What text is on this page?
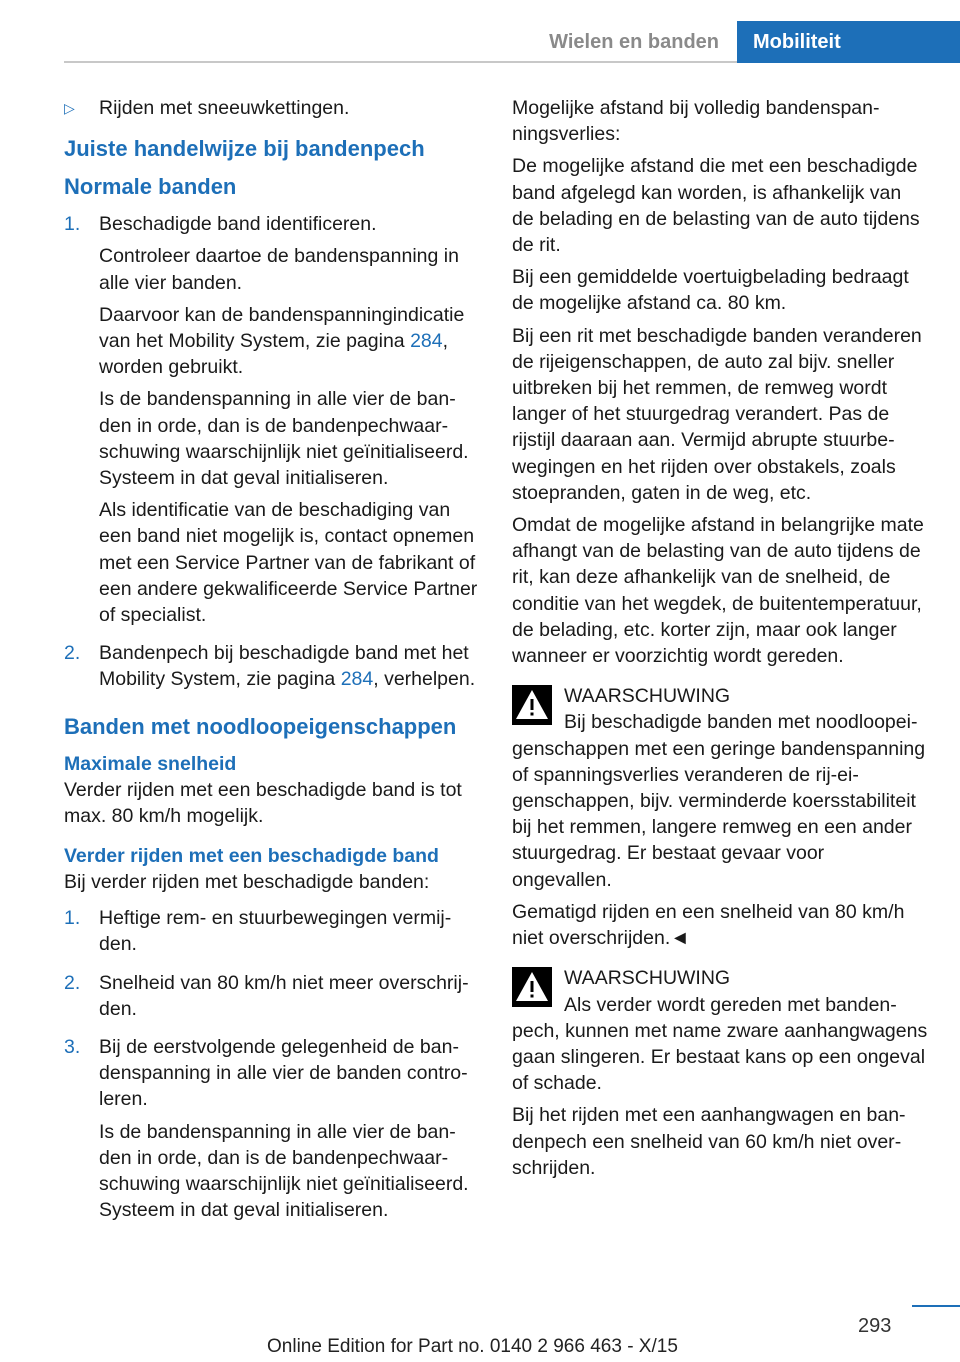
Wielen en banden	Mobiliteit
▷	Rijden met sneeuwkettingen.
Juiste handelwijze bij bandenpech
Normale banden
1. Beschadigde band identificeren.

Controleer daartoe de bandenspanning in alle vier banden.

Daarvoor kan de bandenspanningindicatie van het Mobility System, zie pagina 284, worden gebruikt.

Is de bandenspanning in alle vier de banden in orde, dan is de bandenpechwaarschuwing waarschijnlijk niet geïnitialiseerd. Systeem in dat geval initialiseren.

Als identificatie van de beschadiging van een band niet mogelijk is, contact opnemen met een Service Partner van de fabrikant of een andere gekwalificeerde Service Partner of specialist.

2. Bandenpech bij beschadigde band met het Mobility System, zie pagina 284, verhelpen.

Banden met noodloopeigenschappen
Maximale snelheid

Verder rijden met een beschadigde band is tot max. 80 km/h mogelijk.

Verder rijden met een beschadigde band

Bij verder rijden met beschadigde banden:

1. Heftige rem- en stuurbewegingen vermijden.

2. Snelheid van 80 km/h niet meer overschrijden.

3. Bij de eerstvolgende gelegenheid de bandenspanning in alle vier de banden controleren.

Is de bandenspanning in alle vier de banden in orde, dan is de bandenpechwaarschuwing waarschijnlijk niet geïnitialiseerd. Systeem in dat geval initialiseren.

Mogelijke afstand bij volledig bandenspanningsverlies:

De mogelijke afstand die met een beschadigde band afgelegd kan worden, is afhankelijk van de belading en de belasting van de auto tijdens de rit.

Bij een gemiddelde voertuigbelading bedraagt de mogelijke afstand ca. 80 km.

Bij een rit met beschadigde banden veranderen de rijeigenschappen, de auto zal bijv. sneller uitbreken bij het remmen, de remweg wordt langer of het stuurgedrag verandert. Pas de rijstijl daaraan aan. Vermijd abrupte stuurbewegingen en het rijden over obstakels, zoals stoepranden, gaten in de weg, etc.

Omdat de mogelijke afstand in belangrijke mate afhangt van de belasting van de auto tijdens de rit, kan deze afhankelijk van de snelheid, de conditie van het wegdek, de buitentemperatuur, de belading, etc. korter zijn, maar ook langer wanneer er voorzichtig wordt gereden.

WAARSCHUWING

Bij beschadigde banden met noodloopeigenschappen met een geringe bandenspanning of spanningsverlies veranderen de rij-eigenschappen, bijv. verminderde koersstabiliteit bij het remmen, langere remweg en een ander stuurgedrag. Er bestaat gevaar voor ongevallen.

Gematigd rijden en een snelheid van 80 km/h niet overschrijden.◄

WAARSCHUWING

Als verder wordt gereden met bandenpech, kunnen met name zware aanhangwagens gaan slingeren. Er bestaat kans op een ongeval of schade.

Bij het rijden met een aanhangwagen en bandenpech een snelheid van 60 km/h niet overschrijden.

293
Online Edition for Part no. 0140 2 966 463 - X/15
